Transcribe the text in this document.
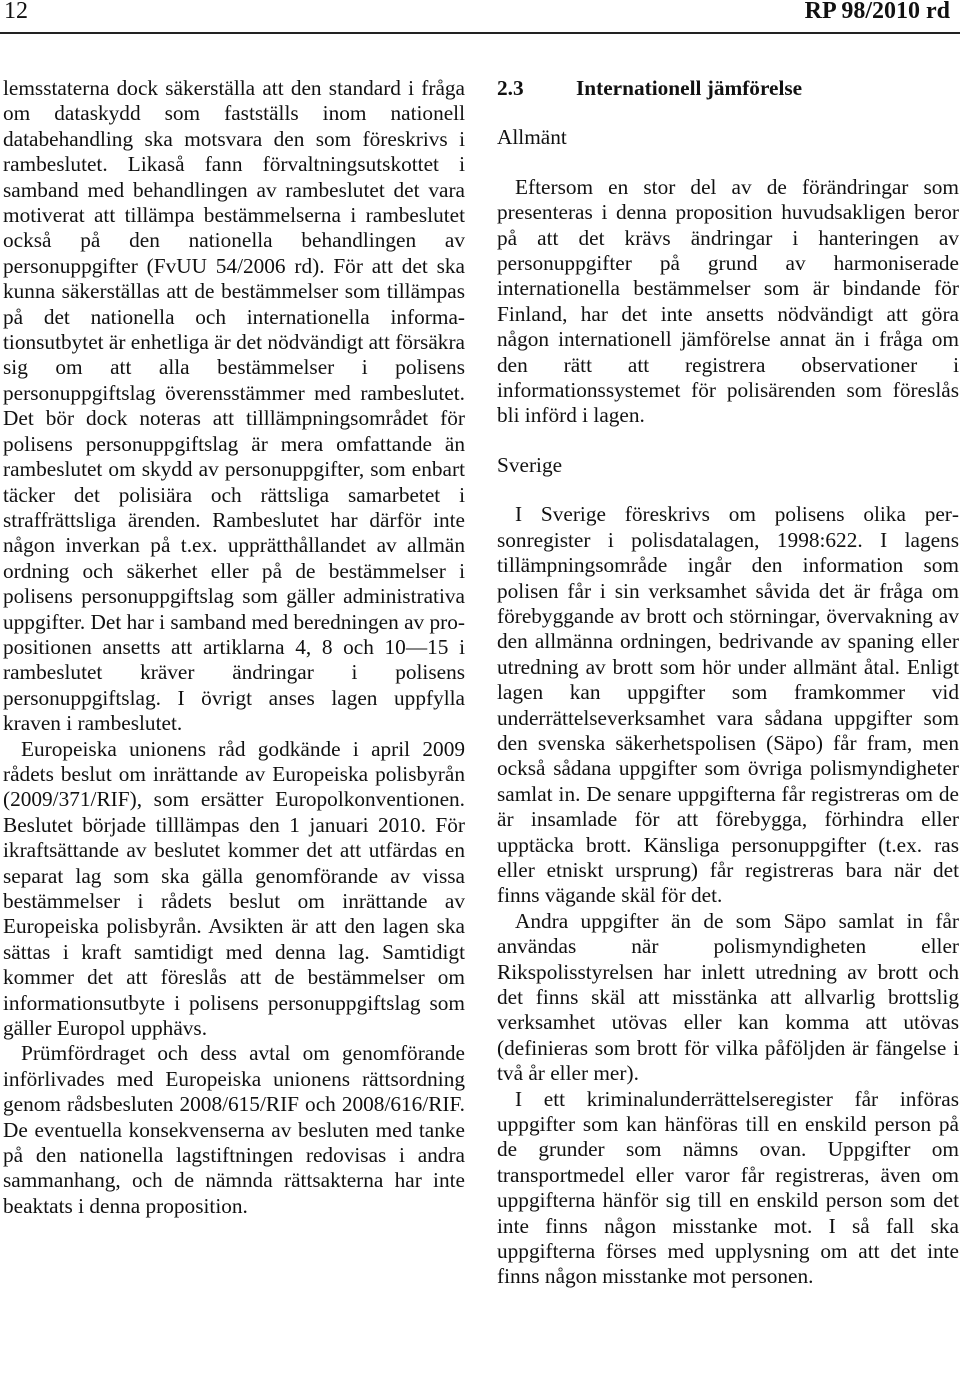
12	RP 98/2010 rd

lemsstaterna dock säkerställa att den standard i fråga om dataskydd som fastställs inom nationell databehandling ska motsvara den som föreskrivs i rambeslutet. Likaså fann förvaltningsutskottet i samband med behandlingen av rambeslutet det vara motiverat att tillämpa bestämmelserna i rambeslutet också på den nationella behandlingen av personuppgifter (FvUU 54/2006 rd). För att det ska kunna säkerställas att de bestämmelser som tillämpas på det nationella och internationella informationsutbytet är enhetliga är det nödvändigt att försäkra sig om att alla bestämmelser i polisens personuppgiftslag överensstämmer med rambeslutet. Det bör dock noteras att tilllämpningsområdet för polisens personuppgiftslag är mera omfattande än rambeslutet om skydd av personuppgifter, som enbart täcker det polisiära och rättsliga samarbetet i straffrättsliga ärenden. Rambeslutet har därför inte någon inverkan på t.ex. upprätthållandet av allmän ordning och säkerhet eller på de bestämmelser i polisens personuppgiftslag som gäller administrativa uppgifter. Det har i samband med beredningen av propositionen ansetts att artiklarna 4, 8 och 10—15 i rambeslutet kräver ändringar i polisens personuppgiftslag. I övrigt anses lagen uppfylla kraven i rambeslutet.

Europeiska unionens råd godkände i april 2009 rådets beslut om inrättande av Europeiska polisbyrån (2009/371/RIF), som ersätter Europolkonventionen. Beslutet började tilllämpas den 1 januari 2010. För ikraftsättande av beslutet kommer det att utfärdas en separat lag som ska gälla genomförande av vissa bestämmelser i rådets beslut om inrättande av Europeiska polisbyrån. Avsikten är att den lagen ska sättas i kraft samtidigt med denna lag. Samtidigt kommer det att föreslås att de bestämmelser om informationsutbyte i polisens personuppgiftslag som gäller Europol upphävs.

Prümfördraget och dess avtal om genomförande införlivades med Europeiska unionens rättsordning genom rådsbesluten 2008/615/RIF och 2008/616/RIF. De eventuella konsekvenserna av besluten med tanke på den nationella lagstiftningen redovisas i andra sammanhang, och de nämnda rättsakterna har inte beaktats i denna proposition.

2.3	Internationell jämförelse

Allmänt

Eftersom en stor del av de förändringar som presenteras i denna proposition huvudsakligen beror på att det krävs ändringar i hanteringen av personuppgifter på grund av harmoniserade internationella bestämmelser som är bindande för Finland, har det inte ansetts nödvändigt att göra någon internationell jämförelse annat än i fråga om den rätt att registrera observationer i informationssystemet för polisärenden som föreslås bli införd i lagen.

Sverige

I Sverige föreskrivs om polisens olika personregister i polisdatalagen, 1998:622. I lagens tillämpningsområde ingår den information som polisen får i sin verksamhet såvida det är fråga om förebyggande av brott och störningar, övervakning av den allmänna ordningen, bedrivande av spaning eller utredning av brott som hör under allmänt åtal. Enligt lagen kan uppgifter som framkommer vid underrättelseverksamhet vara sådana uppgifter som den svenska säkerhetspolisen (Säpo) får fram, men också sådana uppgifter som övriga polismyndigheter samlat in. De senare uppgifterna får registreras om de är insamlade för att förebygga, förhindra eller upptäcka brott. Känsliga personuppgifter (t.ex. ras eller etniskt ursprung) får registreras bara när det finns vägande skäl för det.

Andra uppgifter än de som Säpo samlat in får användas när polismyndigheten eller Rikspolisstyrelsen har inlett utredning av brott och det finns skäl att misstänka att allvarlig brottslig verksamhet utövas eller kan komma att utövas (definieras som brott för vilka påföljden är fängelse i två år eller mer).

I ett kriminalunderrättelseregister får införas uppgifter som kan hänföras till en enskild person på de grunder som nämns ovan. Uppgifter om transportmedel eller varor får registreras, även om uppgifterna hänför sig till en enskild person som det inte finns någon misstanke mot. I så fall ska uppgifterna förses med upplysning om att det inte finns någon misstanke mot personen.
